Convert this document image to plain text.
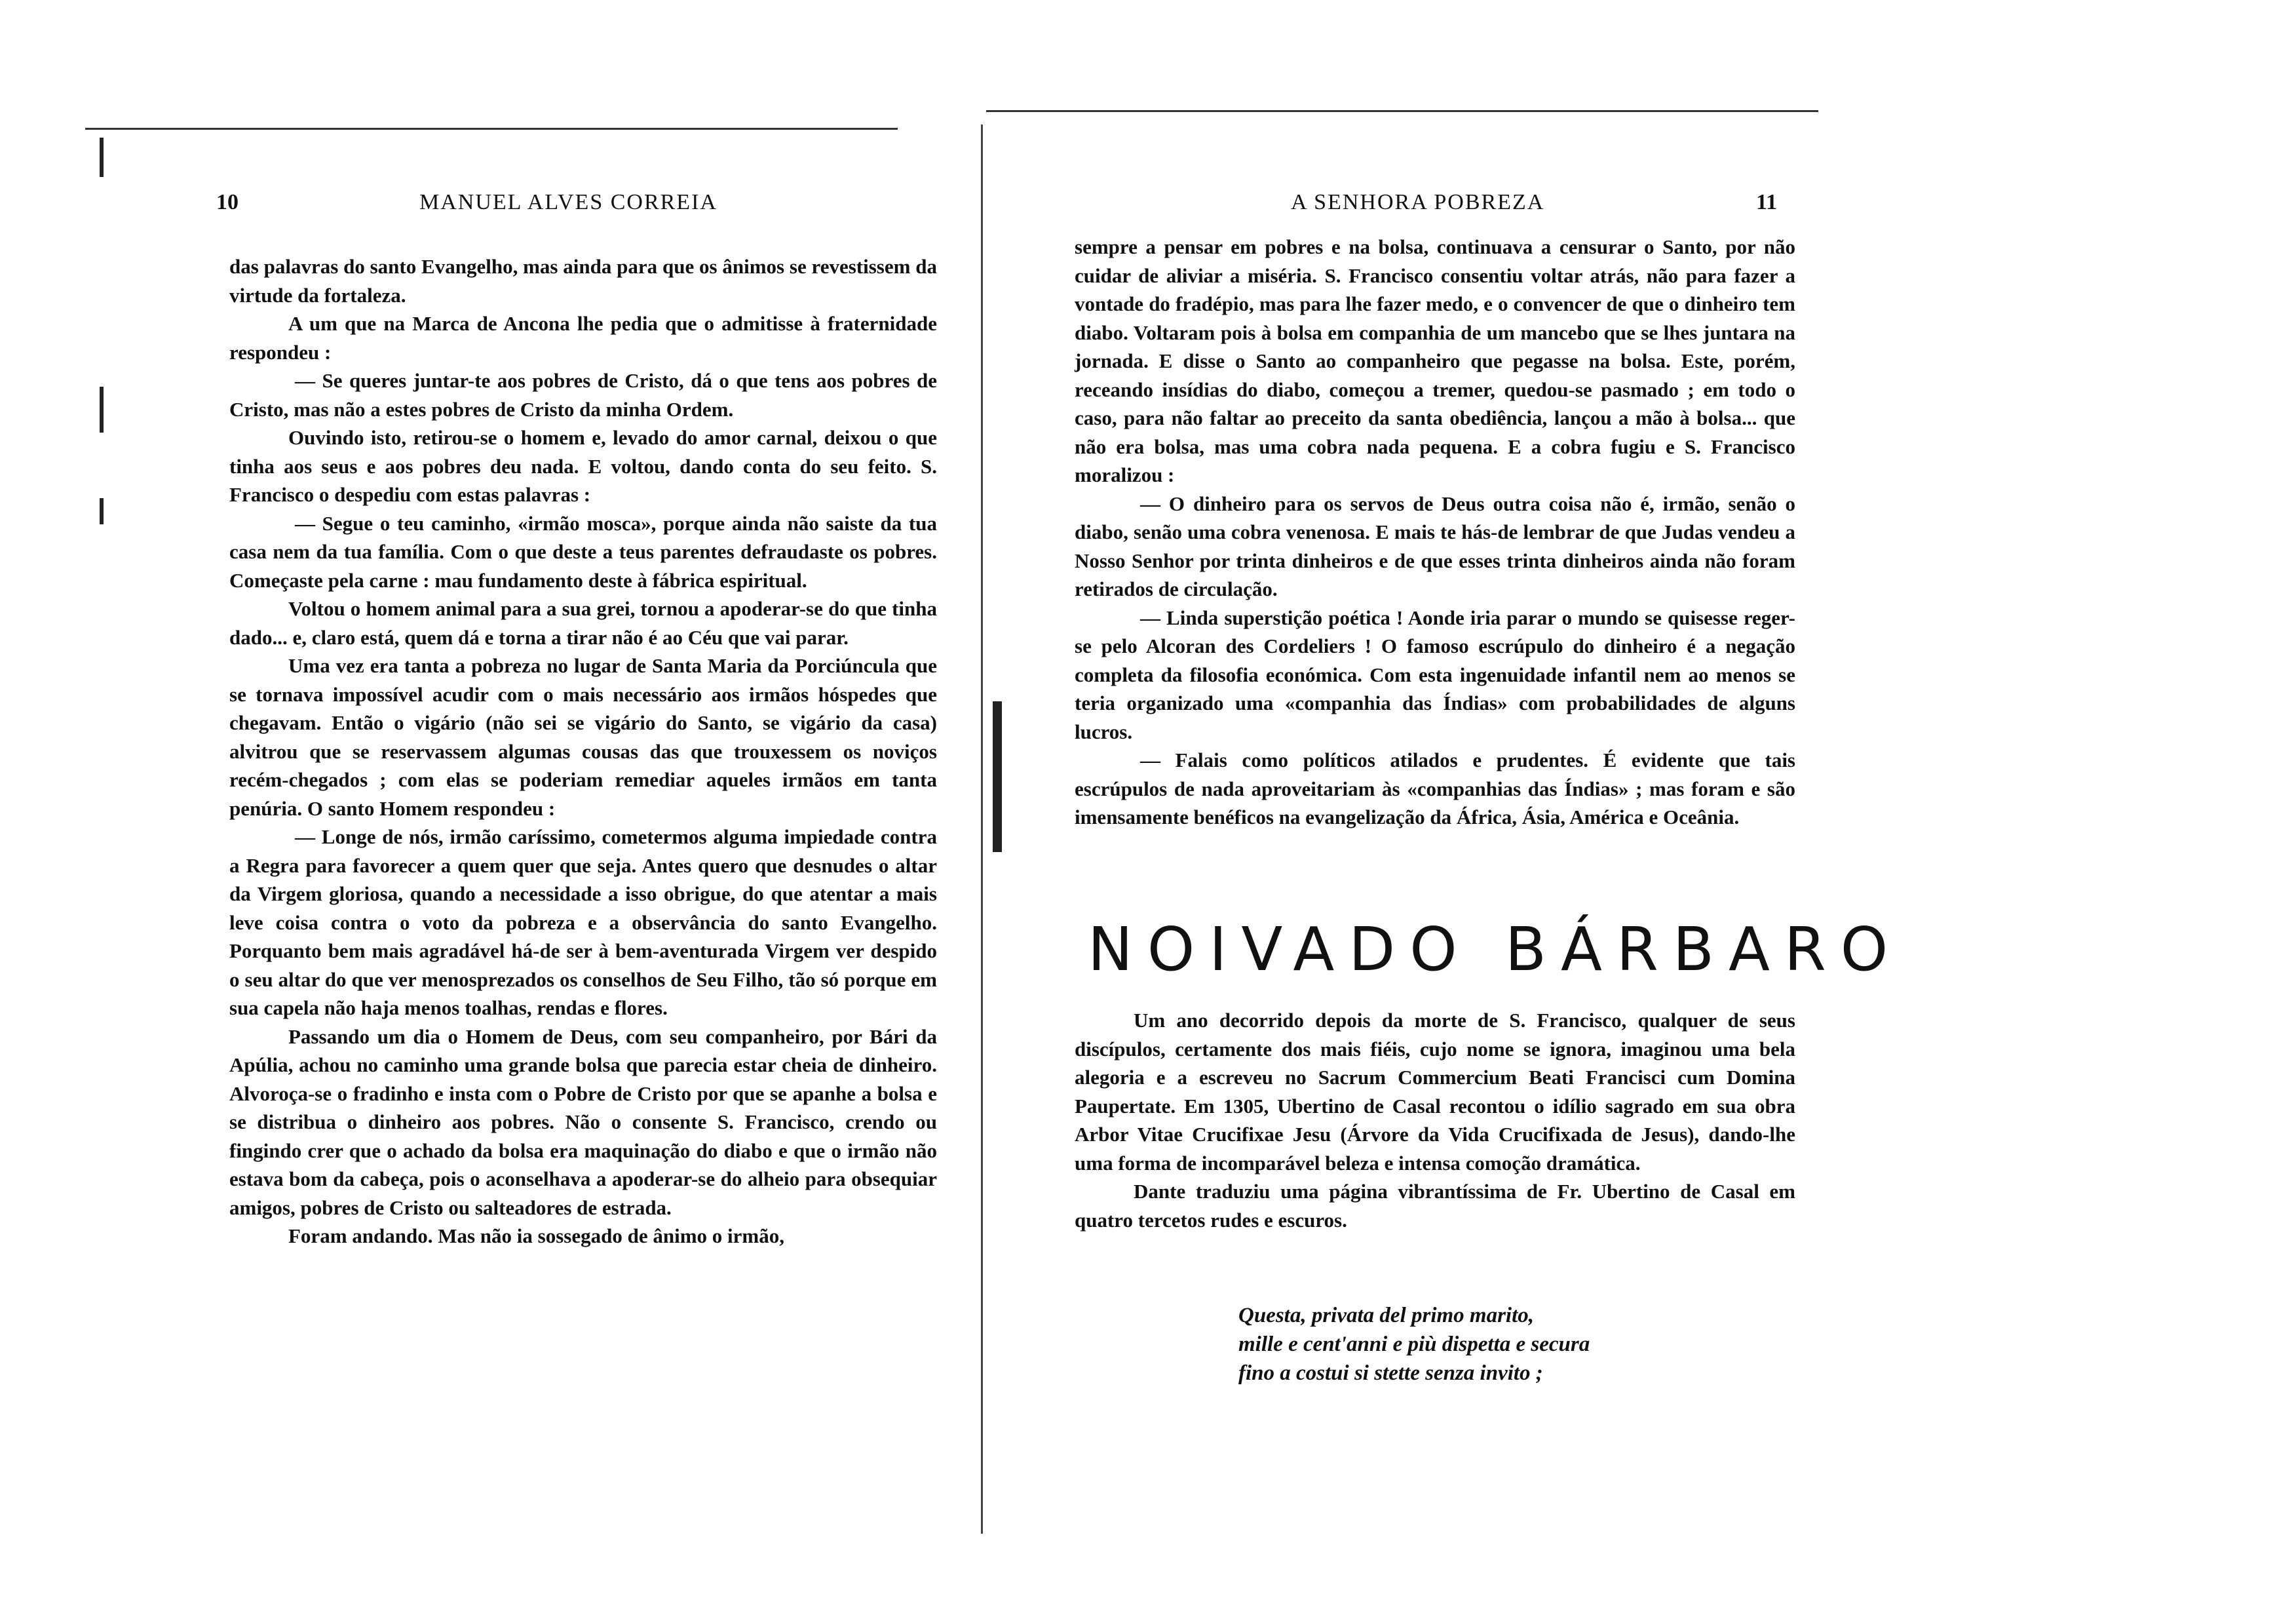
10	MANUEL ALVES CORREIA

das palavras do santo Evangelho, mas ainda para que os ânimos se revestissem da virtude da fortaleza.

A um que na Marca de Ancona lhe pedia que o admitisse à fraternidade respondeu :

— Se queres juntar-te aos pobres de Cristo, dá o que tens aos pobres de Cristo, mas não a estes pobres de Cristo da minha Ordem.

Ouvindo isto, retirou-se o homem e, levado do amor carnal, deixou o que tinha aos seus e aos pobres deu nada. E voltou, dando conta do seu feito. S. Francisco o despediu com estas palavras :

— Segue o teu caminho, «irmão mosca», porque ainda não saiste da tua casa nem da tua família. Com o que deste a teus parentes defraudaste os pobres. Começaste pela carne : mau fundamento deste à fábrica espiritual.

Voltou o homem animal para a sua grei, tornou a apoderar-se do que tinha dado... e, claro está, quem dá e torna a tirar não é ao Céu que vai parar.

Uma vez era tanta a pobreza no lugar de Santa Maria da Porciúncula que se tornava impossível acudir com o mais necessário aos irmãos hóspedes que chegavam. Então o vigário (não sei se vigário do Santo, se vigário da casa) alvitrou que se reservassem algumas cousas das que trouxessem os noviços recém-chegados ; com elas se poderiam remediar aqueles irmãos em tanta penúria. O santo Homem respondeu :

— Longe de nós, irmão caríssimo, cometermos alguma impiedade contra a Regra para favorecer a quem quer que seja. Antes quero que desnudes o altar da Virgem gloriosa, quando a necessidade a isso obrigue, do que atentar a mais leve coisa contra o voto da pobreza e a observância do santo Evangelho. Porquanto bem mais agradável há-de ser à bem-aventurada Virgem ver despido o seu altar do que ver menosprezados os conselhos de Seu Filho, tão só porque em sua capela não haja menos toalhas, rendas e flores.

Passando um dia o Homem de Deus, com seu companheiro, por Bári da Apúlia, achou no caminho uma grande bolsa que parecia estar cheia de dinheiro. Alvoroça-se o fradinho e insta com o Pobre de Cristo por que se apanhe a bolsa e se distribua o dinheiro aos pobres. Não o consente S. Francisco, crendo ou fingindo crer que o achado da bolsa era maquinação do diabo e que o irmão não estava bom da cabeça, pois o aconselhava a apoderar-se do alheio para obsequiar amigos, pobres de Cristo ou salteadores de estrada.

Foram andando. Mas não ia sossegado de ânimo o irmão,

A SENHORA POBREZA	11

sempre a pensar em pobres e na bolsa, continuava a censurar o Santo, por não cuidar de aliviar a miséria. S. Francisco consentiu voltar atrás, não para fazer a vontade do fradépio, mas para lhe fazer medo, e o convencer de que o dinheiro tem diabo. Voltaram pois à bolsa em companhia de um mancebo que se lhes juntara na jornada. E disse o Santo ao companheiro que pegasse na bolsa. Este, porém, receando insídias do diabo, começou a tremer, quedou-se pasmado ; em todo o caso, para não faltar ao preceito da santa obediência, lançou a mão à bolsa... que não era bolsa, mas uma cobra nada pequena. E a cobra fugiu e S. Francisco moralizou :

— O dinheiro para os servos de Deus outra coisa não é, irmão, senão o diabo, senão uma cobra venenosa. E mais te hás-de lembrar de que Judas vendeu a Nosso Senhor por trinta dinheiros e de que esses trinta dinheiros ainda não foram retirados de circulação.

— Linda superstição poética ! Aonde iria parar o mundo se quisesse reger-se pelo Alcoran des Cordeliers ! O famoso escrúpulo do dinheiro é a negação completa da filosofia económica. Com esta ingenuidade infantil nem ao menos se teria organizado uma «companhia das Índias» com probabilidades de alguns lucros.

— Falais como políticos atilados e prudentes. É evidente que tais escrúpulos de nada aproveitariam às «companhias das Índias» ; mas foram e são imensamente benéficos na evangelização da África, Ásia, América e Oceânia.

NOIVADO BÁRBARO

Um ano decorrido depois da morte de S. Francisco, qualquer de seus discípulos, certamente dos mais fiéis, cujo nome se ignora, imaginou uma bela alegoria e a escreveu no Sacrum Commercium Beati Francisci cum Domina Paupertate. Em 1305, Ubertino de Casal recontou o idílio sagrado em sua obra Arbor Vitae Crucifixae Jesu (Árvore da Vida Crucifixada de Jesus), dando-lhe uma forma de incomparável beleza e intensa comoção dramática.

Dante traduziu uma página vibrantíssima de Fr. Ubertino de Casal em quatro tercetos rudes e escuros.

Questa, privata del primo marito,
mille e cent'anni e più dispetta e secura
fino a costui si stette senza invito ;
